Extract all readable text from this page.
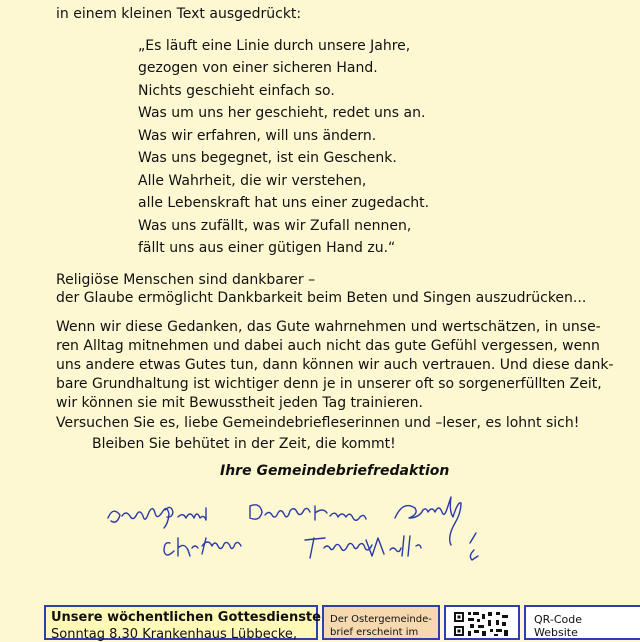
in einem kleinen Text ausgedrückt:
„Es läuft eine Linie durch unsere Jahre,
gezogen von einer sicheren Hand.
Nichts geschieht einfach so.
Was um uns her geschieht, redet uns an.
Was wir erfahren, will uns ändern.
Was uns begegnet, ist ein Geschenk.
Alle Wahrheit, die wir verstehen,
alle Lebenskraft hat uns einer zugedacht.
Was uns zufällt, was wir Zufall nennen,
fällt uns aus einer gütigen Hand zu.“
Religiöse Menschen sind dankbarer –
der Glaube ermöglicht Dankbarkeit beim Beten und Singen auszudrücken...
Wenn wir diese Gedanken, das Gute wahrnehmen und wertschätzen, in unse-
ren Alltag mitnehmen und dabei auch nicht das gute Gefühl vergessen, wenn
uns andere etwas Gutes tun, dann können wir auch vertrauen. Und diese dank-
bare Grundhaltung ist wichtiger denn je in unserer oft so sorgenerfüllten Zeit,
wir können sie mit Bewusstheit jeden Tag trainieren.
Versuchen Sie es, liebe Gemeindebriefleserinnen und –leser, es lohnt sich!
Bleiben Sie behütet in der Zeit, die kommt!
Ihre Gemeindebriefredaktion
Unsere wöchentlichen Gottesdienste
Sonntag 8.30 Krankenhaus Lübbecke,
Der Ostergemeinde-
brief erscheint im
QR-Code
Website
